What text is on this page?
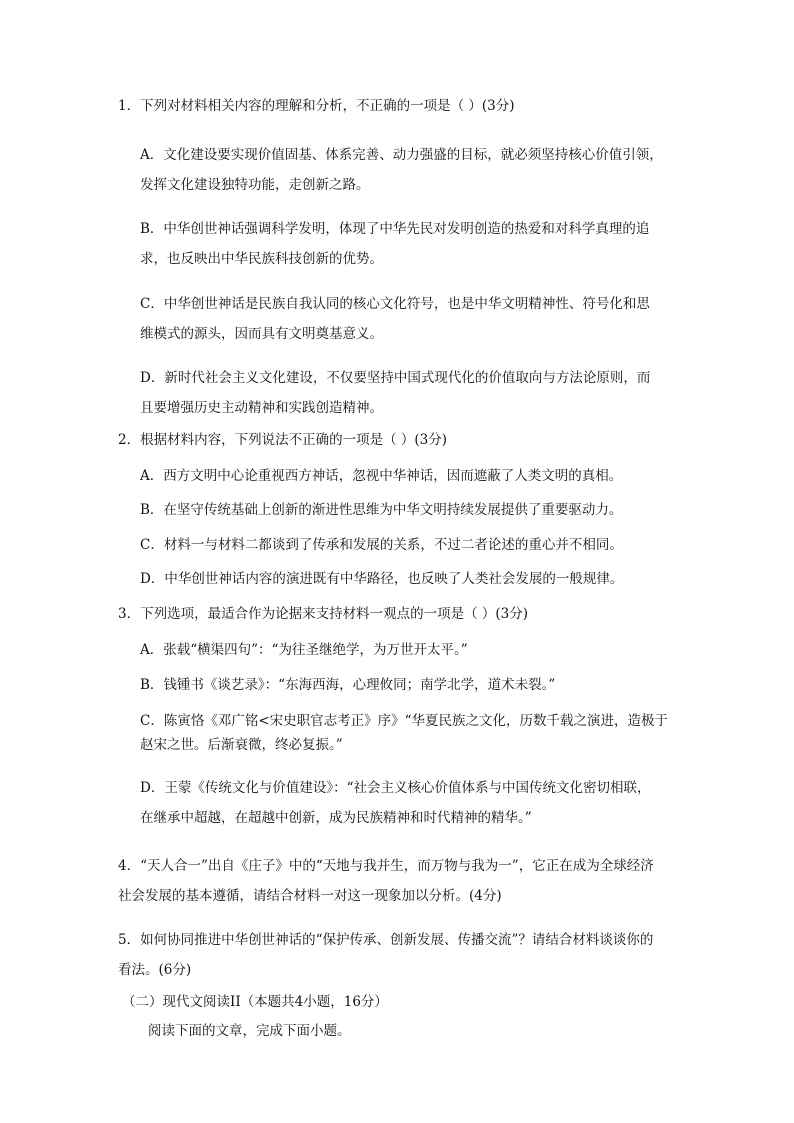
1．下列对材料相关内容的理解和分析，不正确的一项是（ ）(3分)

A．文化建设要实现价值固基、体系完善、动力强盛的目标，就必须坚持核心价值引领，
发挥文化建设独特功能，走创新之路。
B．中华创世神话强调科学发明，体现了中华先民对发明创造的热爱和对科学真理的追
求，也反映出中华民族科技创新的优势。
C．中华创世神话是民族自我认同的核心文化符号，也是中华文明精神性、符号化和思
维模式的源头，因而具有文明奠基意义。
D．新时代社会主义文化建设，不仅要坚持中国式现代化的价值取向与方法论原则，而
且要增强历史主动精神和实践创造精神。

2．根据材料内容，下列说法不正确的一项是（ ）(3分)

A．西方文明中心论重视西方神话，忽视中华神话，因而遮蔽了人类文明的真相。

B．在坚守传统基础上创新的渐进性思维为中华文明持续发展提供了重要驱动力。

C．材料一与材料二都谈到了传承和发展的关系，不过二者论述的重心并不相同。

D．中华创世神话内容的演进既有中华路径，也反映了人类社会发展的一般规律。

3．下列选项，最适合作为论据来支持材料一观点的一项是（ ）(3分)

A．张载“横渠四句”：“为往圣继绝学，为万世开太平。”

B．钱锺书《谈艺录》：“东海西海，心理攸同；南学北学，道术未裂。”

C．陈寅恪《邓广铭<宋史职官志考正》序》“华夏民族之文化，历数千载之演进，造极于
赵宋之世。后渐衰微，终必复振。”
D．王蒙《传统文化与价值建设》：“社会主义核心价值体系与中国传统文化密切相联，
在继承中超越，在超越中创新，成为民族精神和时代精神的精华。”
4．“天人合一”出自《庄子》中的“天地与我并生，而万物与我为一”，它正在成为全球经济
社会发展的基本遵循，请结合材料一对这一现象加以分析。(4分)
5．如何协同推进中华创世神话的“保护传承、创新发展、传播交流”？请结合材料谈谈你的
看法。(6分)

（二）现代文阅读II（本题共4小题，16分）

阅读下面的文章，完成下面小题。
